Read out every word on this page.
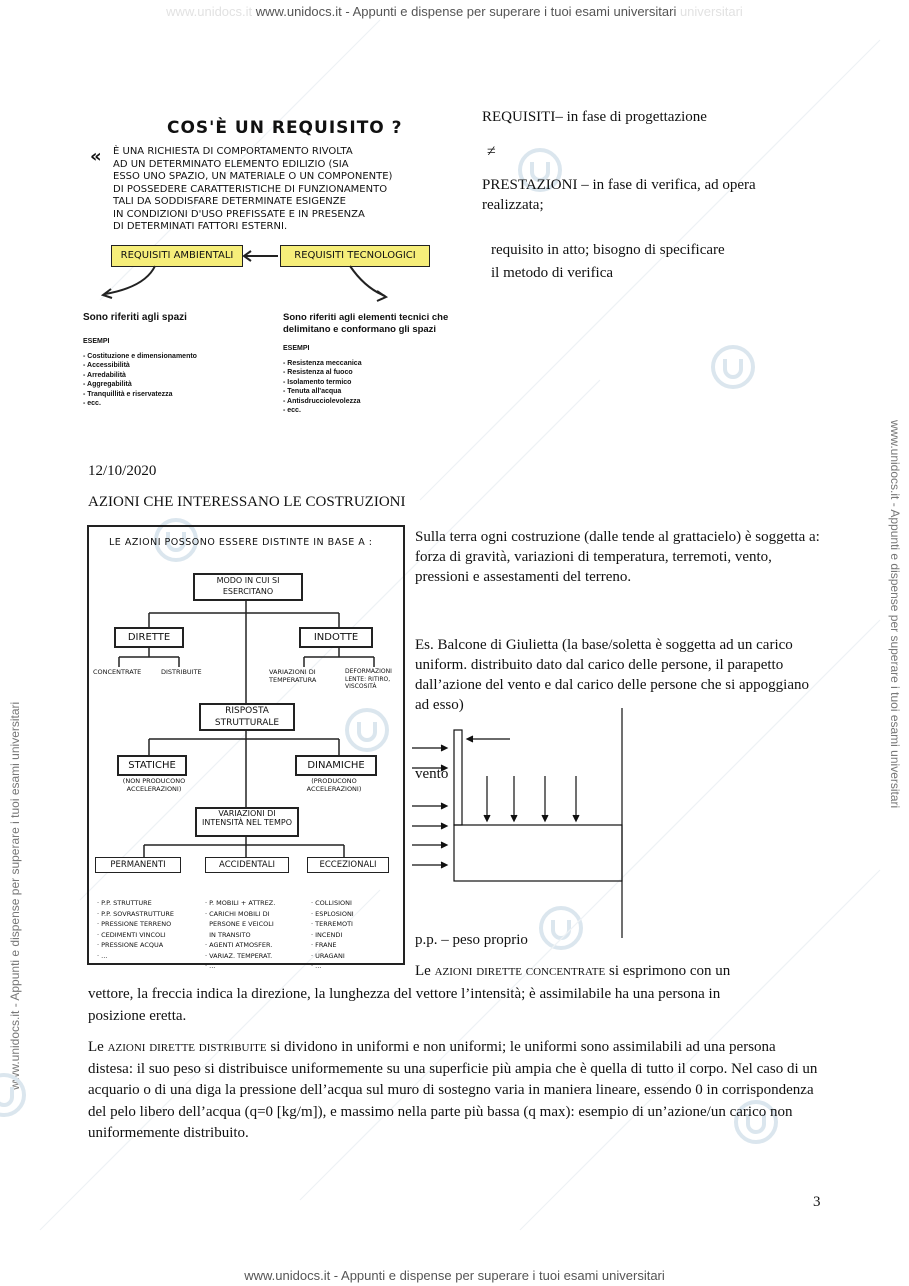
www.unidocs.it www.unidocs.it - Appunti e dispense per superare i tuoi esami universitari universitari
www.unidocs.it - Appunti e dispense per superare i tuoi esami universitari
www.unidocs.it - Appunti e dispense per superare i tuoi esami universitari
COS'È UN REQUISITO ?
« È UNA RICHIESTA DI COMPORTAMENTO RIVOLTA
AD UN DETERMINATO ELEMENTO EDILIZIO (SIA
ESSO UNO SPAZIO, UN MATERIALE O UN COMPONENTE)
DI POSSEDERE CARATTERISTICHE DI FUNZIONAMENTO
TALI DA SODDISFARE DETERMINATE ESIGENZE
IN CONDIZIONI D'USO PREFISSATE E IN PRESENZA
DI DETERMINATI FATTORI ESTERNI.
REQUISITI AMBIENTALI	REQUISITI TECNOLOGICI
Sono riferiti agli spazi
ESEMPI
- Costituzione e dimensionamento
- Accessibilità
- Arredabilità
- Aggregabilità
- Tranquillità e riservatezza
- ecc.
Sono riferiti agli elementi tecnici che
delimitano e conformano gli spazi
ESEMPI
- Resistenza meccanica
- Resistenza al fuoco
- Isolamento termico
- Tenuta all'acqua
- Antisdrucciolevolezza
- ecc.
REQUISITI– in fase di progettazione
≠
PRESTAZIONI – in fase di verifica, ad opera realizzata;
requisito in atto; bisogno di specificare
il metodo di verifica
12/10/2020
AZIONI CHE INTERESSANO LE COSTRUZIONI
LE AZIONI POSSONO ESSERE DISTINTE IN BASE A :
MODO IN CUI SI ESERCITANO
DIRETTE	INDOTTE
CONCENTRATE	DISTRIBUITE	VARIAZIONI DI TEMPERATURA
DEFORMAZIONI LENTE: RITIRO, VISCOSITÀ
RISPOSTA STRUTTURALE
STATICHE
(NON PRODUCONO ACCELERAZIONI)
DINAMICHE
(PRODUCONO ACCELERAZIONI)
VARIAZIONI DI INTENSITÀ NEL TEMPO
PERMANENTI	ACCIDENTALI	ECCEZIONALI

· P.P. STRUTTURE
· P.P. SOVRASTRUTTURE
· PRESSIONE TERRENO
· CEDIMENTI VINCOLI
· PRESSIONE ACQUA
· ...

· P. MOBILI + ATTREZ.
· CARICHI MOBILI DI
PERSONE E VEICOLI
IN TRANSITO
· AGENTI ATMOSFER.
· VARIAZ. TEMPERAT.
· ...

· COLLISIONI
· ESPLOSIONI
· TERREMOTI
· INCENDI
· FRANE
· URAGANI
· ...

Sulla terra ogni costruzione (dalle tende al grattacielo) è soggetta a: forza di gravità, variazioni di temperatura, terremoti, vento, pressioni e assestamenti del terreno.
Es. Balcone di Giulietta (la base/soletta è soggetta ad un carico uniform. distribuito dato dal carico delle persone, il parapetto dall’azione del vento e dal carico delle persone che si appoggiano ad esso)
vento
p.p. – peso proprio
Le azioni dirette concentrate si esprimono con un
vettore, la freccia indica la direzione, la lunghezza del vettore l’intensità; è assimilabile ha una persona in
posizione eretta.
Le azioni dirette distribuite si dividono in uniformi e non uniformi; le uniformi sono assimilabili ad una persona distesa: il suo peso si distribuisce uniformemente su una superficie più ampia che è quella di tutto il corpo. Nel caso di un acquario o di una diga la pressione dell’acqua sul muro di sostegno varia in maniera lineare, essendo 0 in corrispondenza del pelo libero dell’acqua (q=0 [kg/m]), e massimo nella parte più bassa (q max): esempio di un’azione/un carico non uniformemente distribuito.
3
www.unidocs.it - Appunti e dispense per superare i tuoi esami universitari
